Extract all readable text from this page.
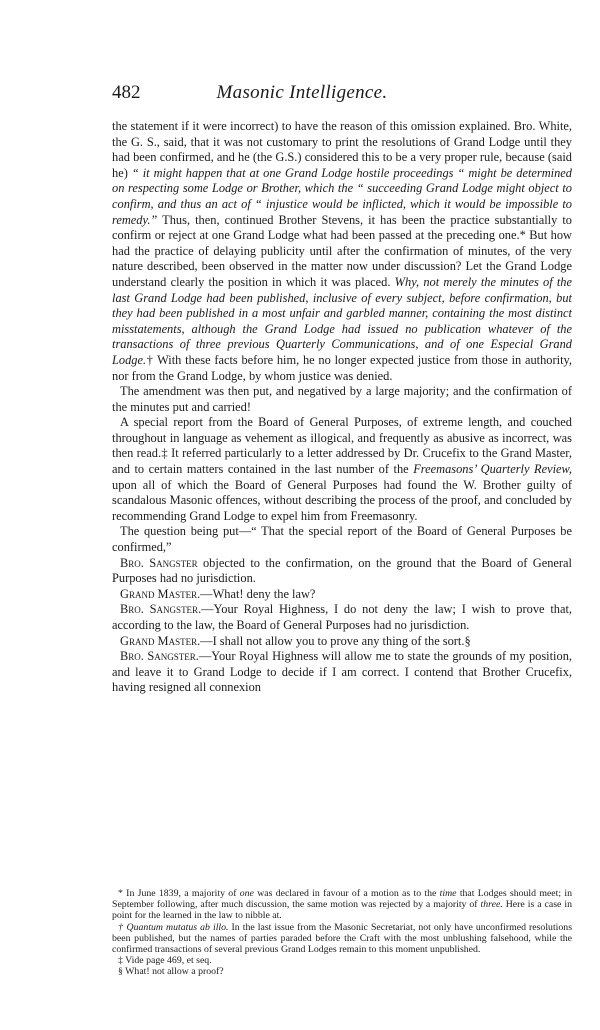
482	Masonic Intelligence.

the statement if it were incorrect) to have the reason of this omission explained. Bro. White, the G. S., said, that it was not customary to print the resolutions of Grand Lodge until they had been confirmed, and he (the G.S.) considered this to be a very proper rule, because (said he) “ it might happen that at one Grand Lodge hostile proceedings “ might be determined on respecting some Lodge or Brother, which the “ succeeding Grand Lodge might object to confirm, and thus an act of “ injustice would be inflicted, which it would be impossible to remedy.” Thus, then, continued Brother Stevens, it has been the practice substantially to confirm or reject at one Grand Lodge what had been passed at the preceding one.* But how had the practice of delaying publicity until after the confirmation of minutes, of the very nature described, been observed in the matter now under discussion? Let the Grand Lodge understand clearly the position in which it was placed. Why, not merely the minutes of the last Grand Lodge had been published, inclusive of every subject, before confirmation, but they had been published in a most unfair and garbled manner, containing the most distinct misstatements, although the Grand Lodge had issued no publication whatever of the transactions of three previous Quarterly Communications, and of one Especial Grand Lodge.† With these facts before him, he no longer expected justice from those in authority, nor from the Grand Lodge, by whom justice was denied.

The amendment was then put, and negatived by a large majority; and the confirmation of the minutes put and carried!

A special report from the Board of General Purposes, of extreme length, and couched throughout in language as vehement as illogical, and frequently as abusive as incorrect, was then read.‡ It referred particularly to a letter addressed by Dr. Crucefix to the Grand Master, and to certain matters contained in the last number of the Freemasons’ Quarterly Review, upon all of which the Board of General Purposes had found the W. Brother guilty of scandalous Masonic offences, without describing the process of the proof, and concluded by recommending Grand Lodge to expel him from Freemasonry.

The question being put—“ That the special report of the Board of General Purposes be confirmed,”

Bro. Sangster objected to the confirmation, on the ground that the Board of General Purposes had no jurisdiction.

Grand Master.—What! deny the law?

Bro. Sangster.—Your Royal Highness, I do not deny the law; I wish to prove that, according to the law, the Board of General Purposes had no jurisdiction.

Grand Master.—I shall not allow you to prove any thing of the sort.§

Bro. Sangster.—Your Royal Highness will allow me to state the grounds of my position, and leave it to Grand Lodge to decide if I am correct. I contend that Brother Crucefix, having resigned all connexion

* In June 1839, a majority of one was declared in favour of a motion as to the time that Lodges should meet; in September following, after much discussion, the same motion was rejected by a majority of three. Here is a case in point for the learned in the law to nibble at.

† Quantum mutatus ab illo. In the last issue from the Masonic Secretariat, not only have unconfirmed resolutions been published, but the names of parties paraded before the Craft with the most unblushing falsehood, while the confirmed transactions of several previous Grand Lodges remain to this moment unpublished.

‡ Vide page 469, et seq.

§ What! not allow a proof?
